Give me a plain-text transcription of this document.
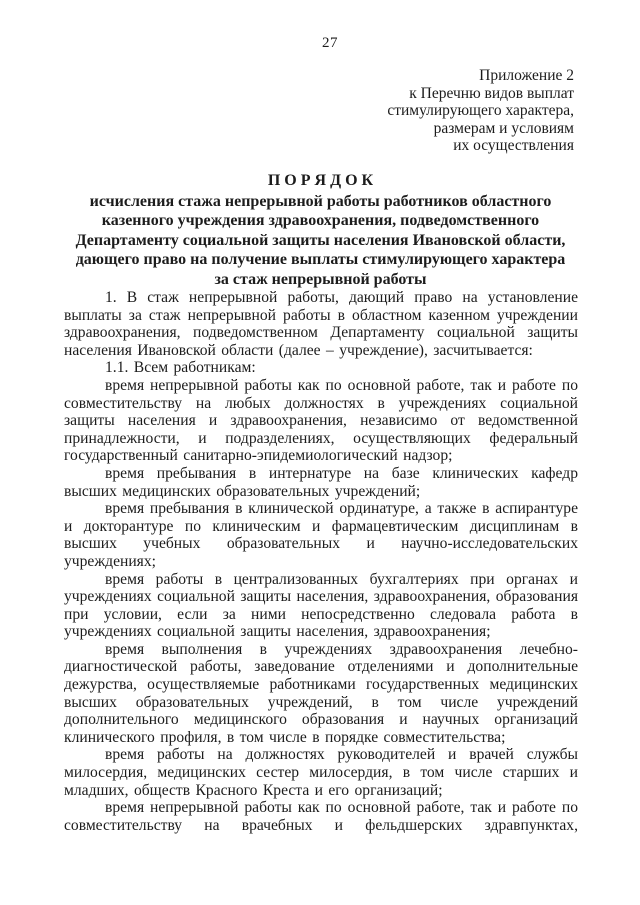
27
Приложение 2
к Перечню видов выплат
стимулирующего характера,
размерам и условиям
их осуществления
П О Р Я Д О К
исчисления стажа непрерывной работы работников областного
казенного учреждения здравоохранения, подведомственного
Департаменту социальной защиты населения Ивановской области,
дающего право на получение выплаты стимулирующего характера
за стаж непрерывной работы

1. В стаж непрерывной работы, дающий право на установление выплаты за стаж непрерывной работы в областном казенном учреждении здравоохранения, подведомственном Департаменту социальной защиты населения Ивановской области (далее – учреждение), засчитывается:

1.1. Всем работникам:

время непрерывной работы как по основной работе, так и работе по совместительству на любых должностях в учреждениях социальной защиты населения и здравоохранения, независимо от ведомственной принадлежности, и подразделениях, осуществляющих федеральный государственный санитарно-эпидемиологический надзор;

время пребывания в интернатуре на базе клинических кафедр высших медицинских образовательных учреждений;

время пребывания в клинической ординатуре, а также в аспирантуре и докторантуре по клиническим и фармацевтическим дисциплинам в высших учебных образовательных и научно-исследовательских учреждениях;

время работы в централизованных бухгалтериях при органах и учреждениях социальной защиты населения, здравоохранения, образования при условии, если за ними непосредственно следовала работа в учреждениях социальной защиты населения, здравоохранения;

время выполнения в учреждениях здравоохранения лечебно-диагностической работы, заведование отделениями и дополнительные дежурства, осуществляемые работниками государственных медицинских высших образовательных учреждений, в том числе учреждений дополнительного медицинского образования и научных организаций клинического профиля, в том числе в порядке совместительства;

время работы на должностях руководителей и врачей службы милосердия, медицинских сестер милосердия, в том числе старших и младших, обществ Красного Креста и его организаций;

время непрерывной работы как по основной работе, так и работе по совместительству на врачебных и фельдшерских здравпунктах,
